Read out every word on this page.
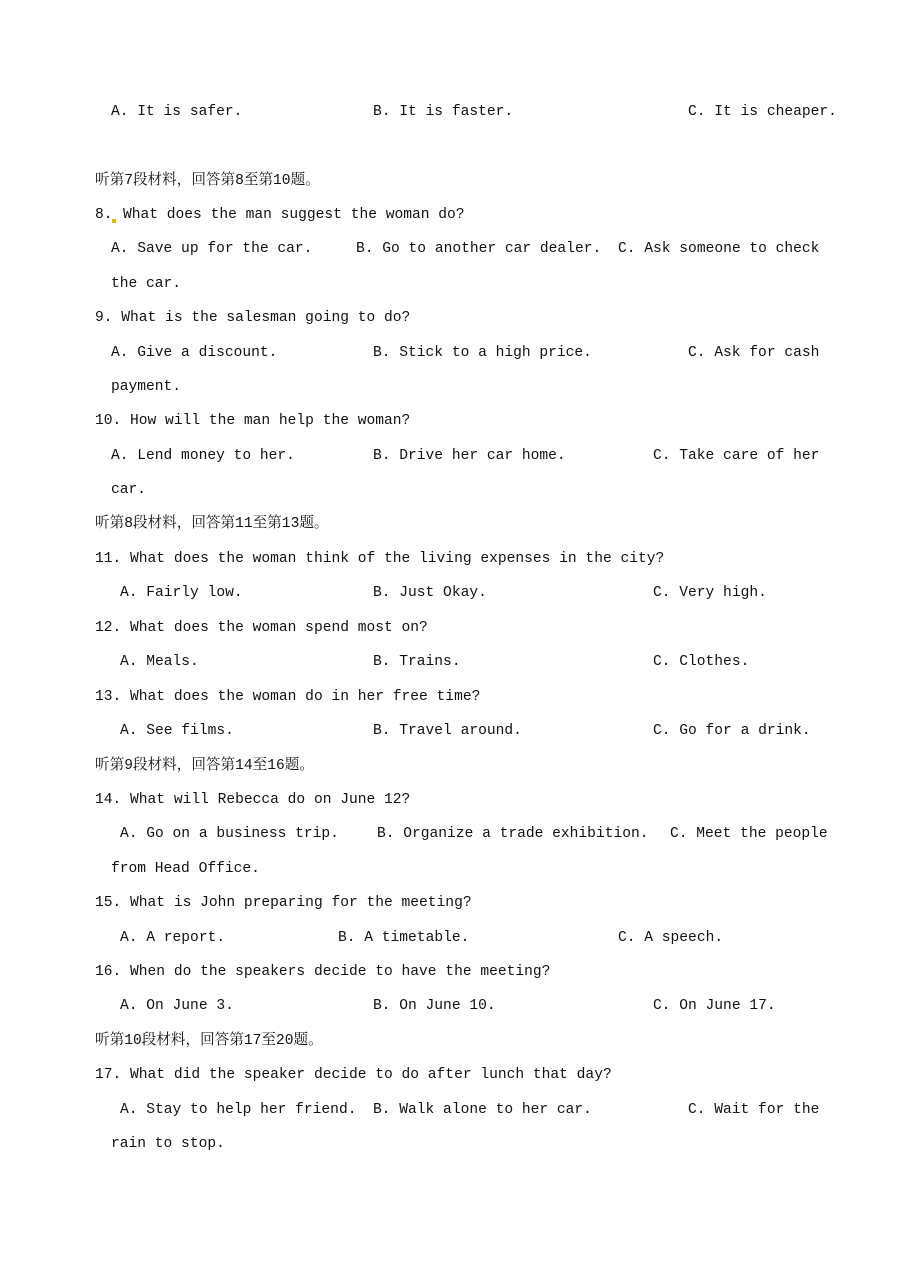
A. It is safer.	B. It is faster.	C. It is cheaper.
听第7段材料，回答第8至第10题。
8. What does the man suggest the woman do?
A. Save up for the car.	B. Go to another car dealer. C. Ask someone to check
the car.
9. What is the salesman going to do?
A. Give a discount.	B. Stick to a high price.	C. Ask for cash
payment.
10. How will the man help the woman?
A. Lend money to her.	B. Drive her car home.	C. Take care of her
car.
听第8段材料，回答第11至第13题。
11. What does the woman think of the living expenses in the city?
A. Fairly low.	B. Just Okay.	C. Very high.
12. What does the woman spend most on?
A. Meals.	B. Trains.	C. Clothes.
13. What does the woman do in her free time?
A. See films.	B. Travel around.	C. Go for a drink.
听第9段材料，回答第14至16题。
14. What will Rebecca do on June 12?
A. Go on a business trip.	B. Organize a trade exhibition. C. Meet the people
from Head Office.
15. What is John preparing for the meeting?
A. A report.	B. A timetable.	C. A speech.
16. When do the speakers decide to have the meeting?
A. On June 3.	B. On June 10.	C. On June 17.
听第10段材料，回答第17至20题。
17. What did the speaker decide to do after lunch that day?
A. Stay to help her friend. B. Walk alone to her car.	C. Wait for the
rain to stop.
